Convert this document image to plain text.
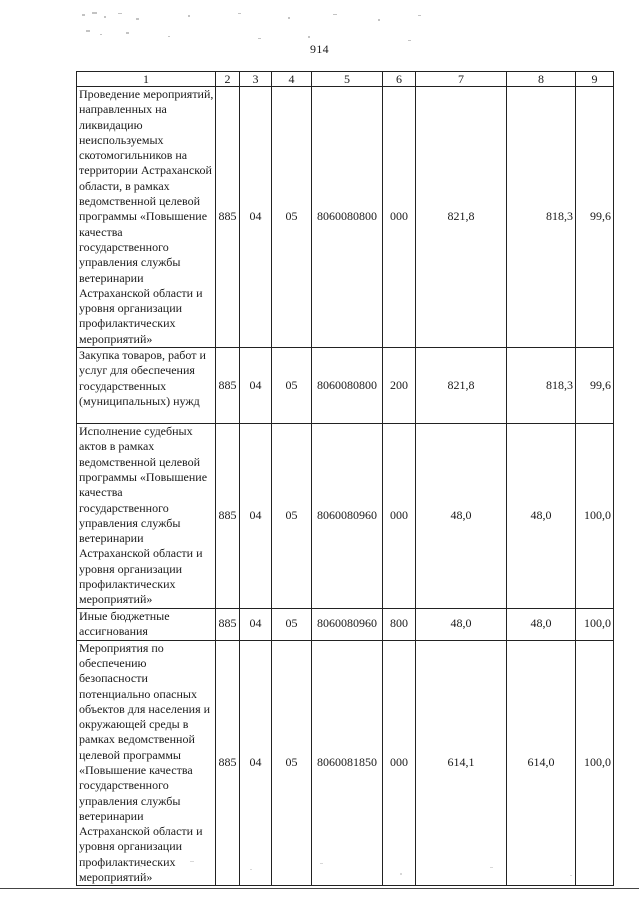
914
1	2	3	4	5	6	7	8	9
Проведение мероприятий, направленных на ликвидацию неиспользуемых скотомогильников на территории Астраханской области, в рамках ведомственной целевой программы «Повышение качества государственного управления службы ветеринарии Астраханской области и уровня организации профилактических мероприятий»	885	04	05	8060080800	000	821,8	818,3	99,6
Закупка товаров, работ и услуг для обеспечения государственных (муниципальных) нужд	885	04	05	8060080800	200	821,8	818,3	99,6
Исполнение судебных актов в рамках ведомственной целевой программы «Повышение качества государственного управления службы ветеринарии Астраханской области и уровня организации профилактических мероприятий»	885	04	05	8060080960	000	48,0	48,0	100,0
Иные бюджетные ассигнования	885	04	05	8060080960	800	48,0	48,0	100,0
Мероприятия по обеспечению безопасности потенциально опасных объектов для населения и окружающей среды в рамках ведомственной целевой программы «Повышение качества государственного управления службы ветеринарии Астраханской области и уровня организации профилактических мероприятий»	885	04	05	8060081850	000	614,1	614,0	100,0
